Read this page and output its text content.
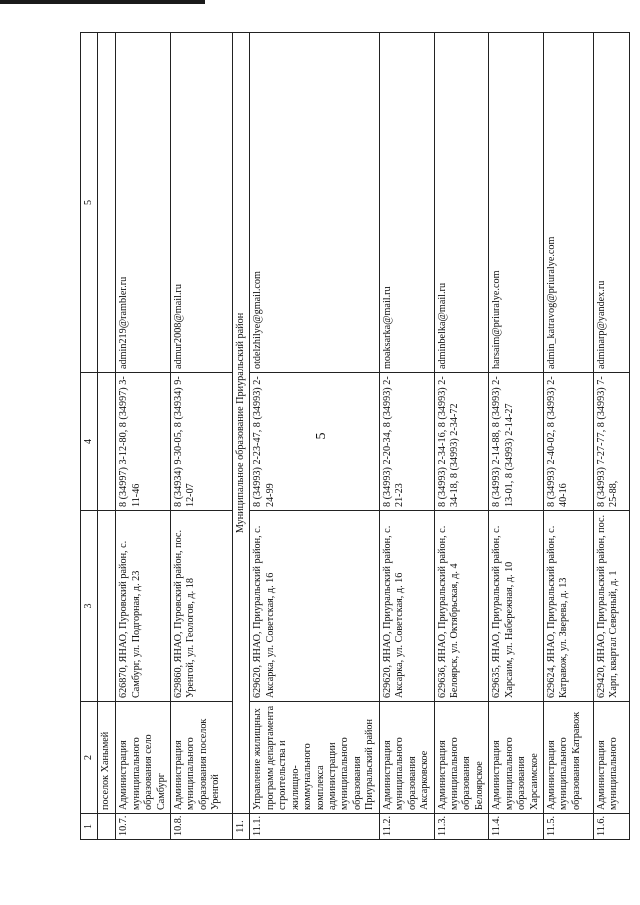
5
1	2	3	4	5
	поселок Ханымей			
10.7.	Администрация муниципального образования село Самбург	626870, ЯНАО, Пуровский район, с. Самбург, ул. Подгорная, д. 23	8 (34997) 3-12-80, 8 (34997) 3-11-46	admin219@rambler.ru
10.8.	Администрация муниципального образования поселок Уренгой	629860, ЯНАО, Пуровский район, пос. Уренгой, ул. Геологов, д. 18	8 (34934) 9-30-05, 8 (34934) 9-12-07	admur2008@mail.ru
11.	Муниципальное образование Приуральский район			
11.1.	Управление жилищных программ департамента строительства и жилищно-коммунального комплекса администрации муниципального образования Приуральский район	629620, ЯНАО, Приуральский район, с. Аксарка, ул. Советская, д. 16	8 (34993) 2-23-47, 8 (34993) 2-24-99	otdelzhilye@gmail.com
11.2.	Администрация муниципального образования Аксарковское	629620, ЯНАО, Приуральский район, с. Аксарка, ул. Советская, д. 16	8 (34993) 2-20-34, 8 (34993) 2-21-23	moaksarka@mail.ru
11.3.	Администрация муниципального образования Белоярское	629636, ЯНАО, Приуральский район, с. Белоярск, ул. Октябрьская, д. 4	8 (34993) 2-34-16, 8 (34993) 2-34-18, 8 (34993) 2-34-72	adminbelka@mail.ru
11.4.	Администрация муниципального образования Харсаимское	629635, ЯНАО, Приуральский район, с. Харсаим, ул. Набережная, д. 10	8 (34993) 2-14-88, 8 (34993) 2-13-01, 8 (34993) 2-14-27	harsaim@priuralye.com
11.5.	Администрация муниципального образования Катравож	629624, ЯНАО, Приуральский район, с. Катравож, ул. Зверева, д. 13	8 (34993) 2-40-02, 8 (34993) 2-40-16	admin_katravog@priuralye.com
11.6.	Администрация муниципального	629420, ЯНАО, Приуральский район, пос. Харп, квартал Северный, д. 1	8 (34993) 7-27-77, 8 (34993) 7-25-88,	adminarp@yandex.ru
